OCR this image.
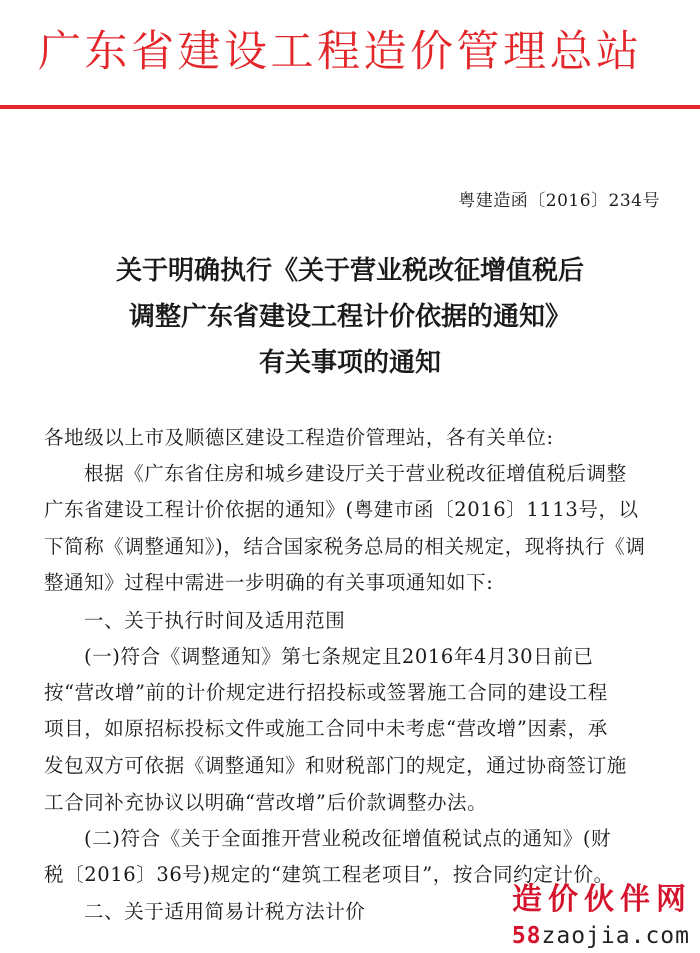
广东省建设工程造价管理总站
粤建造函〔2016〕234号
关于明确执行《关于营业税改征增值税后
调整广东省建设工程计价依据的通知》
有关事项的通知
各地级以上市及顺德区建设工程造价管理站，各有关单位:
根据《广东省住房和城乡建设厅关于营业税改征增值税后调整
广东省建设工程计价依据的通知》(粤建市函〔2016〕1113号，以
下简称《调整通知》)，结合国家税务总局的相关规定，现将执行《调
整通知》过程中需进一步明确的有关事项通知如下:
一、关于执行时间及适用范围
(一)符合《调整通知》第七条规定且2016年4月30日前已
按“营改增”前的计价规定进行招投标或签署施工合同的建设工程
项目，如原招标投标文件或施工合同中未考虑“营改增”因素，承
发包双方可依据《调整通知》和财税部门的规定，通过协商签订施
工合同补充协议以明确“营改增”后价款调整办法。
(二)符合《关于全面推开营业税改征增值税试点的通知》(财
税〔2016〕36号)规定的“建筑工程老项目”，按合同约定计价。
二、关于适用简易计税方法计价	造价伙伴网
58zaojia.com
